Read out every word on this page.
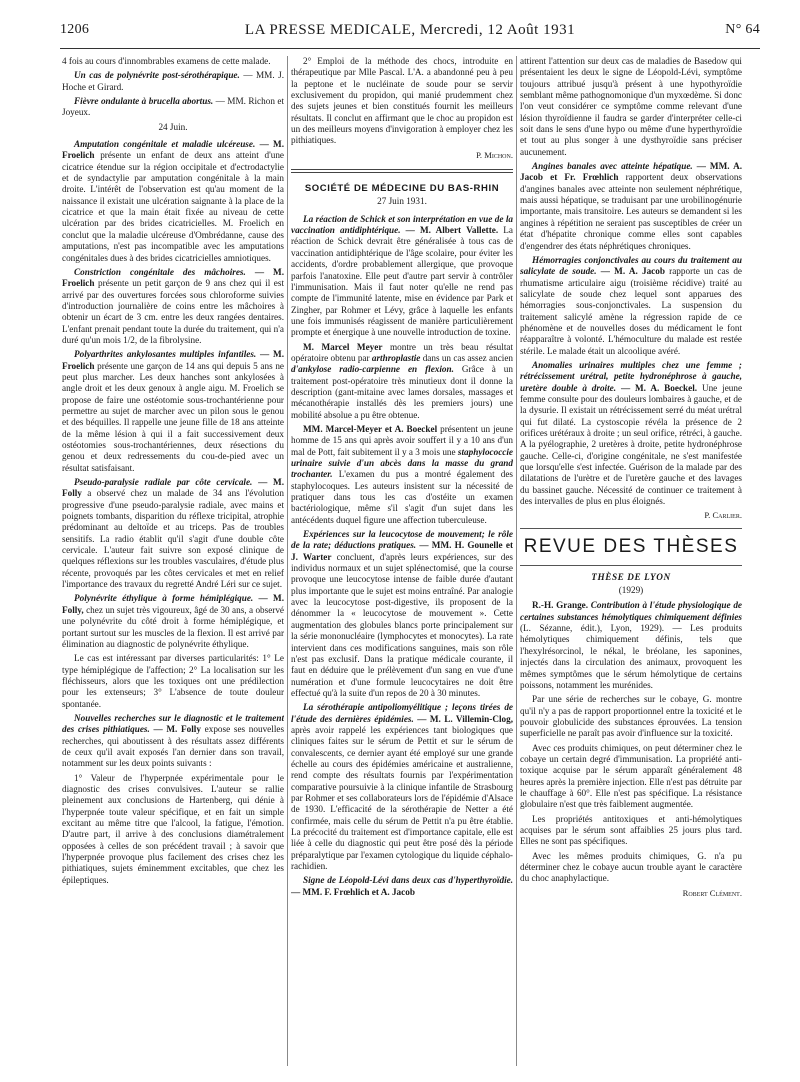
1206	LA PRESSE MEDICALE, Mercredi, 12 Août 1931	N° 64

4 fois au cours d'innombrables examens de cette malade.

Un cas de polynévrite post-sérothérapique. — MM. J. Hoche et Girard.

Fièvre ondulante à brucella abortus. — MM. Richon et Joyeux.

24 Juin.

Amputation congénitale et maladie ulcéreuse. — M. Froelich présente un enfant de deux ans atteint d'une cicatrice étendue sur la région occipitale et d'ectrodactylie et de syndactylie par amputation congénitale à la main droite. L'intérêt de l'observation est qu'au moment de la naissance il existait une ulcération saignante à la place de la cicatrice et que la main était fixée au niveau de cette ulcération par des brides cicatricielles. M. Froelich en conclut que la maladie ulcéreuse d'Ombrédanne, cause des amputations, n'est pas incompatible avec les amputations congénitales dues à des brides cicatricielles amniotiques.

Constriction congénitale des mâchoires. — M. Froelich présente un petit garçon de 9 ans chez qui il est arrivé par des ouvertures forcées sous chloroforme suivies d'introduction journalière de coins entre les mâchoires à obtenir un écart de 3 cm. entre les deux rangées dentaires. L'enfant prenait pendant toute la durée du traitement, qui n'a duré qu'un mois 1/2, de la fibrolysine.

Polyarthrites ankylosantes multiples infantiles. — M. Froelich présente une garçon de 14 ans qui depuis 5 ans ne peut plus marcher. Les deux hanches sont ankylosées à angle droit et les deux genoux à angle aigu. M. Froelich se propose de faire une ostéotomie sous-trochantérienne pour permettre au sujet de marcher avec un pilon sous le genou et des béquilles. Il rappelle une jeune fille de 18 ans atteinte de la même lésion à qui il a fait successivement deux ostéotomies sous-trochantériennes, deux résections du genou et deux redressements du cou-de-pied avec un résultat satisfaisant.

Pseudo-paralysie radiale par côte cervicale. — M. Folly a observé chez un malade de 34 ans l'évolution progressive d'une pseudo-paralysie radiale, avec mains et poignets tombants, disparition du réflexe tricipital, atrophie prédominant au deltoïde et au triceps. Pas de troubles sensitifs. La radio établit qu'il s'agit d'une double côte cervicale. L'auteur fait suivre son exposé clinique de quelques réflexions sur les troubles vasculaires, d'étude plus récente, provoqués par les côtes cervicales et met en relief l'importance des travaux du regretté André Léri sur ce sujet.

Polynévrite éthylique à forme hémiplégique. — M. Folly, chez un sujet très vigoureux, âgé de 30 ans, a observé une polynévrite du côté droit à forme hémiplégique, et portant surtout sur les muscles de la flexion. Il est arrivé par élimination au diagnostic de polynévrite éthylique.

Le cas est intéressant par diverses particularités: 1° Le type hémiplégique de l'affection; 2° La localisation sur les fléchisseurs, alors que les toxiques ont une prédilection pour les extenseurs; 3° L'absence de toute douleur spontanée.

Nouvelles recherches sur le diagnostic et le traitement des crises pithiatiques. — M. Folly expose ses nouvelles recherches, qui aboutissent à des résultats assez différents de ceux qu'il avait exposés l'an dernier dans son travail, notamment sur les deux points suivants :

1° Valeur de l'hyperpnée expérimentale pour le diagnostic des crises convulsives. L'auteur se rallie pleinement aux conclusions de Hartenberg, qui dénie à l'hyperpnée toute valeur spécifique, et en fait un simple excitant au même titre que l'alcool, la fatigue, l'émotion. D'autre part, il arrive à des conclusions diamétralement opposées à celles de son précédent travail ; à savoir que l'hyperpnée provoque plus facilement des crises chez les pithiatiques, sujets éminemment excitables, que chez les épileptiques.

2° Emploi de la méthode des chocs, introduite en thérapeutique par Mlle Pascal. L'A. a abandonné peu à peu la peptone et le nucléinate de soude pour se servir exclusivement du propidon, qui manié prudemment chez des sujets jeunes et bien constitués fournit les meilleurs résultats. Il conclut en affirmant que le choc au propidon est un des meilleurs moyens d'invigoration à employer chez les pithiatiques.

P. Michon.

SOCIÉTÉ DE MÉDECINE DU BAS-RHIN

27 Juin 1931.

La réaction de Schick et son interprétation en vue de la vaccination antidiphtérique. — M. Albert Vallette. La réaction de Schick devrait être généralisée à tous cas de vaccination antidiphtérique de l'âge scolaire, pour éviter les accidents, d'ordre probablement allergique, que provoque parfois l'anatoxine. Elle peut d'autre part servir à contrôler l'immunisation. Mais il faut noter qu'elle ne rend pas compte de l'immunité latente, mise en évidence par Park et Zingher, par Rohmer et Lévy, grâce à laquelle les enfants une fois immunisés réagissent de manière particulièrement prompte et énergique à une nouvelle introduction de toxine.

M. Marcel Meyer montre un très beau résultat opératoire obtenu par arthroplastie dans un cas assez ancien d'ankylose radio-carpienne en flexion. Grâce à un traitement post-opératoire très minutieux dont il donne la description (gant-mitaine avec lames dorsales, massages et mécanothérapie installés dès les premiers jours) une mobilité absolue a pu être obtenue.

MM. Marcel-Meyer et A. Boeckel présentent un jeune homme de 15 ans qui après avoir souffert il y a 10 ans d'un mal de Pott, fait subitement il y a 3 mois une staphylococcie urinaire suivie d'un abcès dans la masse du grand trochanter. L'examen du pus a montré également des staphylocoques. Les auteurs insistent sur la nécessité de pratiquer dans tous les cas d'ostéite un examen bactériologique, même s'il s'agit d'un sujet dans les antécédents duquel figure une affection tuberculeuse.

Expériences sur la leucocytose de mouvement; le rôle de la rate; déductions pratiques. — MM. H. Gounelle et J. Warter concluent, d'après leurs expériences, sur des individus normaux et un sujet splénectomisé, que la course provoque une leucocytose intense de faible durée d'autant plus importante que le sujet est moins entraîné. Par analogie avec la leucocytose post-digestive, ils proposent de la dénommer la « leucocytose de mouvement ». Cette augmentation des globules blancs porte principalement sur la série mononucléaire (lymphocytes et monocytes). La rate intervient dans ces modifications sanguines, mais son rôle n'est pas exclusif. Dans la pratique médicale courante, il faut en déduire que le prélèvement d'un sang en vue d'une numération et d'une formule leucocytaires ne doit être effectué qu'à la suite d'un repos de 20 à 30 minutes.

La sérothérapie antipoliomyélitique ; leçons tirées de l'étude des dernières épidémies. — M. L. Villemin-Clog, après avoir rappelé les expériences tant biologiques que cliniques faites sur le sérum de Pettit et sur le sérum de convalescents, ce dernier ayant été employé sur une grande échelle au cours des épidémies américaine et australienne, rend compte des résultats fournis par l'expérimentation comparative poursuivie à la clinique infantile de Strasbourg par Rohmer et ses collaborateurs lors de l'épidémie d'Alsace de 1930. L'efficacité de la sérothérapie de Netter a été confirmée, mais celle du sérum de Pettit n'a pu être établie. La précocité du traitement est d'importance capitale, elle est liée à celle du diagnostic qui peut être posé dès la période préparalytique par l'examen cytologique du liquide céphalo-rachidien.

Signe de Léopold-Lévi dans deux cas d'hyperthyroïdie. — MM. F. Frœhlich et A. Jacob

attirent l'attention sur deux cas de maladies de Basedow qui présentaient les deux le signe de Léopold-Lévi, symptôme toujours attribué jusqu'à présent à une hypothyroïdie semblant même pathognomonique d'un myxœdème. Si donc l'on veut considérer ce symptôme comme relevant d'une lésion thyroïdienne il faudra se garder d'interpréter celle-ci soit dans le sens d'une hypo ou même d'une hyperthyroïdie et tout au plus songer à une dysthyroïdie sans préciser aucunement.

Angines banales avec atteinte hépatique. — MM. A. Jacob et Fr. Frœhlich rapportent deux observations d'angines banales avec atteinte non seulement néphrétique, mais aussi hépatique, se traduisant par une urobilinogénurie importante, mais transitoire. Les auteurs se demandent si les angines à répétition ne seraient pas susceptibles de créer un état d'hépatite chronique comme elles sont capables d'engendrer des états néphrétiques chroniques.

Hémorragies conjonctivales au cours du traitement au salicylate de soude. — M. A. Jacob rapporte un cas de rhumatisme articulaire aigu (troisième récidive) traité au salicylate de soude chez lequel sont apparues des hémorragies sous-conjonctivales. La suspension du traitement salicylé amène la régression rapide de ce phénomène et de nouvelles doses du médicament le font réapparaître à volonté. L'hémoculture du malade est restée stérile. Le malade était un alcoolique avéré.

Anomalies urinaires multiples chez une femme ; rétrécissement urétral, petite hydronéphrose à gauche, uretère double à droite. — M. A. Boeckel. Une jeune femme consulte pour des douleurs lombaires à gauche, et de la dysurie. Il existait un rétrécissement serré du méat urétral qui fut dilaté. La cystoscopie révéla la présence de 2 orifices urétéraux à droite ; un seul orifice, rétréci, à gauche. A la pyélographie, 2 uretères à droite, petite hydronéphrose gauche. Celle-ci, d'origine congénitale, ne s'est manifestée que lorsqu'elle s'est infectée. Guérison de la malade par des dilatations de l'urètre et de l'uretère gauche et des lavages du bassinet gauche. Nécessité de continuer ce traitement à des intervalles de plus en plus éloignés.

P. Carlier.

REVUE DES THÈSES

THÈSE DE LYON

(1929)

R.-H. Grange. Contribution à l'étude physiologique de certaines substances hémolytiques chimiquement définies (L. Sézanne, édit.), Lyon, 1929). — Les produits hémolytiques chimiquement définis, tels que l'hexylrésorcinol, le nékal, le bréolane, les saponines, injectés dans la circulation des animaux, provoquent les mêmes symptômes que le sérum hémolytique de certains poissons, notamment les murénides.

Par une série de recherches sur le cobaye, G. montre qu'il n'y a pas de rapport proportionnel entre la toxicité et le pouvoir globulicide des substances éprouvées. La tension superficielle ne paraît pas avoir d'influence sur la toxicité.

Avec ces produits chimiques, on peut déterminer chez le cobaye un certain degré d'immunisation. La propriété anti-toxique acquise par le sérum apparaît généralement 48 heures après la première injection. Elle n'est pas détruite par le chauffage à 60°. Elle n'est pas spécifique. La résistance globulaire n'est que très faiblement augmentée.

Les propriétés antitoxiques et anti-hémolytiques acquises par le sérum sont affaiblies 25 jours plus tard. Elles ne sont pas spécifiques.

Avec les mêmes produits chimiques, G. n'a pu déterminer chez le cobaye aucun trouble ayant le caractère du choc anaphylactique.

Robert Clément.
